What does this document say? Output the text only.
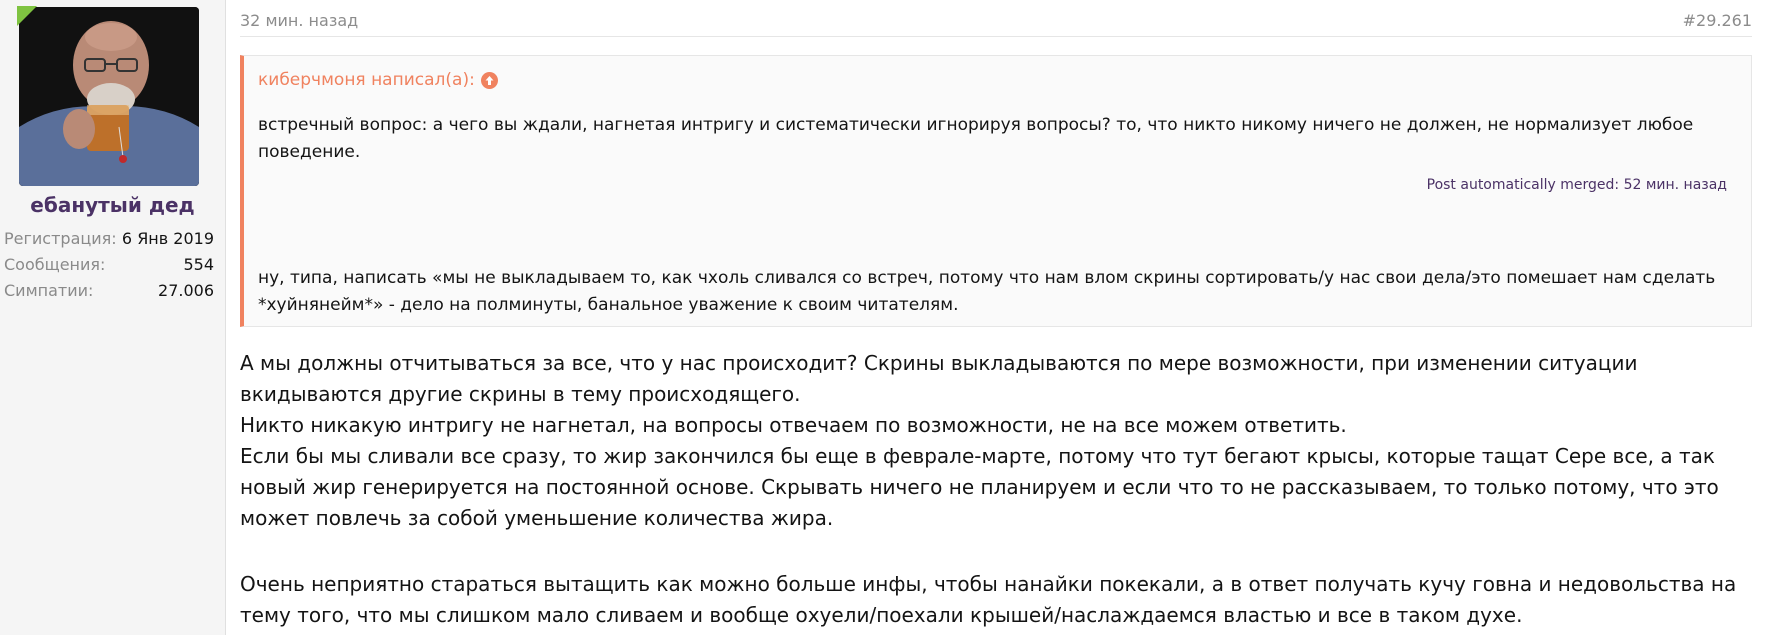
ебанутый дед
Регистрация: 6 Янв 2019
Сообщения:	554
Симпатии:	27.006
32 мин. назад	#29.261
киберчмоня написал(а):
встречный вопрос: а чего вы ждали, нагнетая интригу и систематически игнорируя вопросы? то, что никто никому ничего не должен, не нормализует любое поведение.
Post automatically merged: 52 мин. назад
ну, типа, написать «мы не выкладываем то, как чхоль сливался со встреч, потому что нам влом скрины сортировать/у нас свои дела/это помешает нам сделать *хуйнянейм*» - дело на полминуты, банальное уважение к своим читателям.
А мы должны отчитываться за все, что у нас происходит? Скрины выкладываются по мере возможности, при изменении ситуации вкидываются другие скрины в тему происходящего.
Никто никакую интригу не нагнетал, на вопросы отвечаем по возможности, не на все можем ответить.
Если бы мы сливали все сразу, то жир закончился бы еще в феврале-марте, потому что тут бегают крысы, которые тащат Сере все, а так новый жир генерируется на постоянной основе. Скрывать ничего не планируем и если что то не рассказываем, то только потому, что это может повлечь за собой уменьшение количества жира.
Очень неприятно стараться вытащить как можно больше инфы, чтобы нанайки покекали, а в ответ получать кучу говна и недовольства на тему того, что мы слишком мало сливаем и вообще охуели/поехали крышей/наслаждаемся властью и все в таком духе.
